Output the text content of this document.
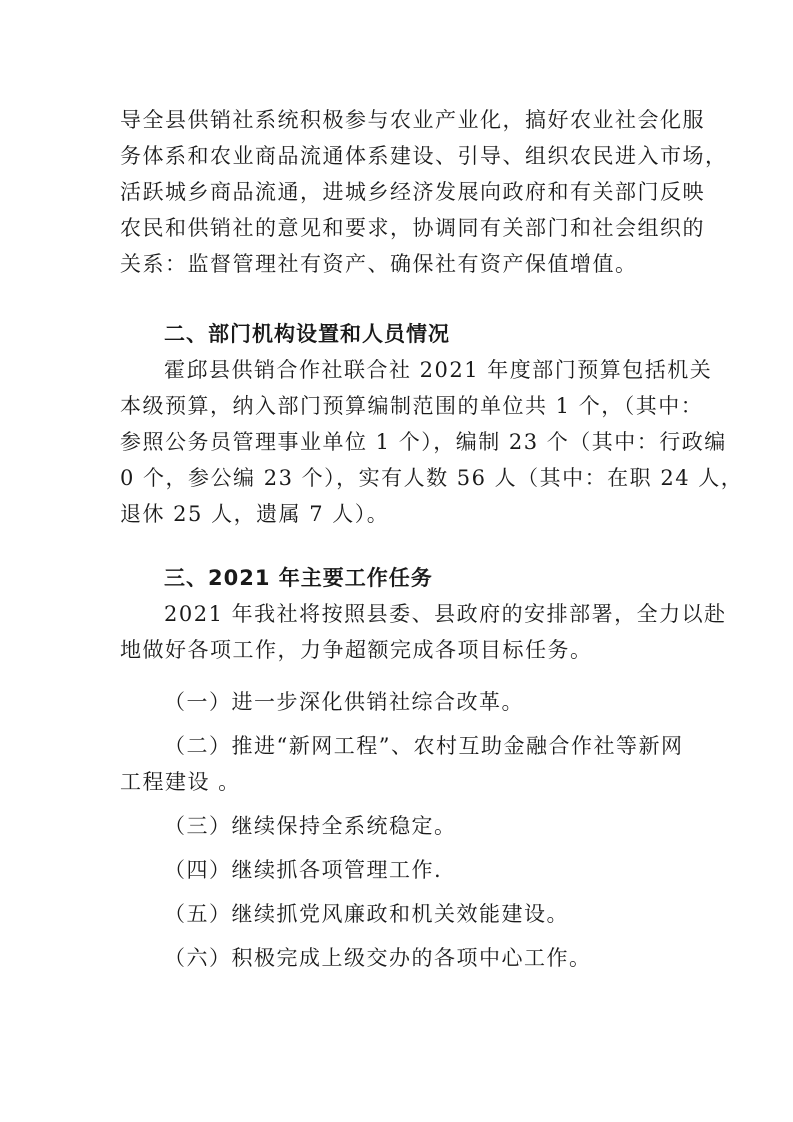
导全县供销社系统积极参与农业产业化，搞好农业社会化服

务体系和农业商品流通体系建设、引导、组织农民进入市场，

活跃城乡商品流通，进城乡经济发展向政府和有关部门反映

农民和供销社的意见和要求，协调同有关部门和社会组织的

关系：监督管理社有资产、确保社有资产保值增值。

二、部门机构设置和人员情况

霍邱县供销合作社联合社 2021 年度部门预算包括机关

本级预算，纳入部门预算编制范围的单位共 1 个，（其中：

参照公务员管理事业单位 1 个），编制 23 个（其中：行政编

0 个，参公编 23 个），实有人数 56 人（其中：在职 24 人，

退休 25 人，遗属 7 人）。

三、2021 年主要工作任务

2021 年我社将按照县委、县政府的安排部署，全力以赴

地做好各项工作，力争超额完成各项目标任务。

（一）进一步深化供销社综合改革。

（二）推进“新网工程”、农村互助金融合作社等新网

工程建设 。

（三）继续保持全系统稳定。

（四）继续抓各项管理工作.

（五）继续抓党风廉政和机关效能建设。

（六）积极完成上级交办的各项中心工作。
